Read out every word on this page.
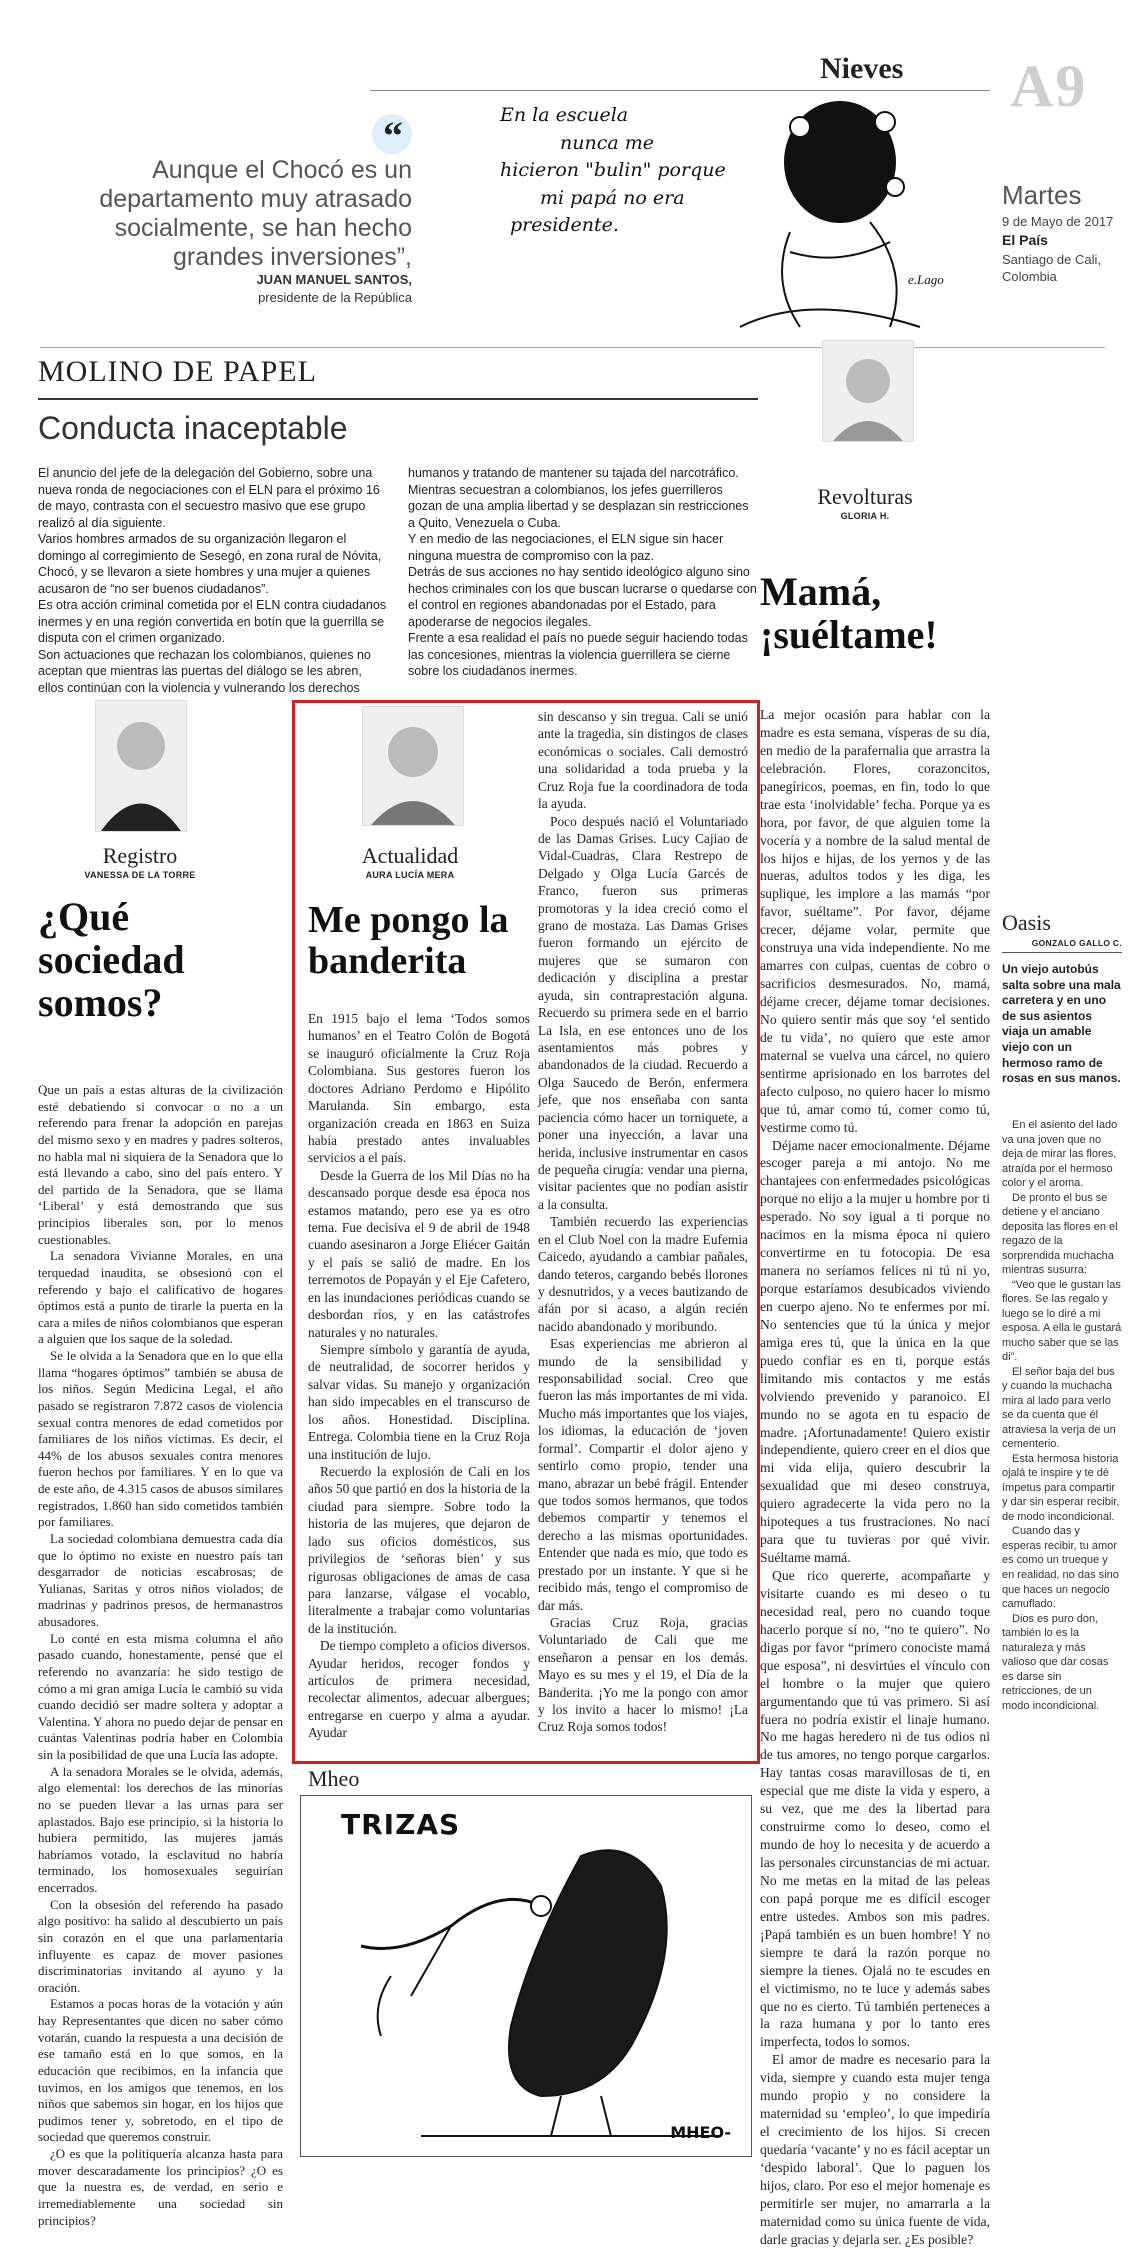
Nieves A9
Martes
9 de Mayo de 2017
El País
Santiago de Cali, Colombia
“
Aunque el Chocó es un departamento muy atrasado socialmente, se han hecho grandes inversiones”,
JUAN MANUEL SANTOS,
presidente de la República
En la escuela
nunca me
hicieron "bulin" porque
mi papá no era
presidente.
e.Lago
MOLINO DE PAPEL
Conducta inaceptable

El anuncio del jefe de la delegación del Gobierno, sobre una nueva ronda de negociaciones con el ELN para el próximo 16 de mayo, contrasta con el secuestro masivo que ese grupo realizó al día siguiente.

Varios hombres armados de su organización llegaron el domingo al corregimiento de Sesegó, en zona rural de Nóvita, Chocó, y se llevaron a siete hombres y una mujer a quienes acusaron de “no ser buenos ciudadanos”.

Es otra acción criminal cometida por el ELN contra ciudadanos inermes y en una región convertida en botín que la guerrilla se disputa con el crimen organizado.

Son actuaciones que rechazan los colombianos, quienes no aceptan que mientras las puertas del diálogo se les abren, ellos continúan con la violencia y vulnerando los derechos

humanos y tratando de mantener su tajada del narcotráfico.

Mientras secuestran a colombianos, los jefes guerrilleros gozan de una amplia libertad y se desplazan sin restricciones a Quito, Venezuela o Cuba.

Y en medio de las negociaciones, el ELN sigue sin hacer ninguna muestra de compromiso con la paz.

Detrás de sus acciones no hay sentido ideológico alguno sino hechos criminales con los que buscan lucrarse o quedarse con el control en regiones abandonadas por el Estado, para apoderarse de negocios ilegales.

Frente a esa realidad el país no puede seguir haciendo todas las concesiones, mientras la violencia guerrillera se cierne sobre los ciudadanos inermes.

Revolturas
GLORIA H.
Mamá, ¡suéltame!

La mejor ocasión para hablar con la madre es esta semana, vísperas de su día, en medio de la parafernalia que arrastra la celebración. Flores, corazoncitos, panegíricos, poemas, en fin, todo lo que trae esta ‘inolvidable’ fecha. Porque ya es hora, por favor, de que alguien tome la vocería y a nombre de la salud mental de los hijos e hijas, de los yernos y de las nueras, adultos todos y les diga, les suplique, les implore a las mamás “por favor, suéltame”. Por favor, déjame crecer, déjame volar, permite que construya una vida independiente. No me amarres con culpas, cuentas de cobro o sacrificios desmesurados. No, mamá, déjame crecer, déjame tomar decisiones. No quiero sentir más que soy ‘el sentido de tu vida’, no quiero que este amor maternal se vuelva una cárcel, no quiero sentirme aprisionado en los barrotes del afecto culposo, no quiero hacer lo mismo que tú, amar como tú, comer como tú, vestirme como tú.

Déjame nacer emocionalmente. Déjame escoger pareja a mi antojo. No me chantajees con enfermedades psicológicas porque no elijo a la mujer u hombre por ti esperado. No soy igual a ti porque no nacimos en la misma época ni quiero convertirme en tu fotocopia. De esa manera no seríamos felices ni tú ni yo, porque estaríamos desubicados viviendo en cuerpo ajeno. No te enfermes por mí. No sentencies que tú la única y mejor amiga eres tú, que la única en la que puedo confiar es en ti, porque estás limitando mis contactos y me estás volviendo prevenido y paranoico. El mundo no se agota en tu espacio de madre. ¡Afortunadamente! Quiero existir independiente, quiero creer en el dios que mi vida elija, quiero descubrir la sexualidad que mi deseo construya, quiero agradecerte la vida pero no la hipoteques a tus frustraciones. No nací para que tu tuvieras por qué vivir. Suéltame mamá.

Que rico quererte, acompañarte y visitarte cuando es mi deseo o tu necesidad real, pero no cuando toque hacerlo porque sí no, “no te quiero”. No digas por favor “primero conociste mamá que esposa”, ni desvirtúes el vínculo con el hombre o la mujer que quiero argumentando que tú vas primero. Si así fuera no podría existir el linaje humano. No me hagas heredero ni de tus odios ni de tus amores, no tengo porque cargarlos. Hay tantas cosas maravillosas de ti, en especial que me diste la vida y espero, a su vez, que me des la libertad para construirme como lo deseo, como el mundo de hoy lo necesita y de acuerdo a las personales circunstancias de mi actuar. No me metas en la mitad de las peleas con papá porque me es difícil escoger entre ustedes. Ambos son mis padres. ¡Papá también es un buen hombre! Y no siempre te dará la razón porque no siempre la tienes. Ojalá no te escudes en el victimismo, no te luce y además sabes que no es cierto. Tú también perteneces a la raza humana y por lo tanto eres imperfecta, todos lo somos.

El amor de madre es necesario para la vida, siempre y cuando esta mujer tenga mundo propio y no considere la maternidad su ‘empleo’, lo que impediría el crecimiento de los hijos. Si crecen quedaría ‘vacante’ y no es fácil aceptar un ‘despido laboral’. Que lo paguen los hijos, claro. Por eso el mejor homenaje es permitirle ser mujer, no amarrarla a la maternidad como su única fuente de vida, darle gracias y dejarla ser. ¿Es posible?

Oasis
GONZALO GALLO C.
Un viejo autobús salta sobre una mala carretera y en uno de sus asientos viaja un amable viejo con un hermoso ramo de rosas en sus manos.

En el asiento del lado va una joven que no deja de mirar las flores, atraída por el hermoso color y el aroma.

De pronto el bus se detiene y el anciano deposita las flores en el regazo de la sorprendida muchacha mientras susurra:

“Veo que le gustan las flores. Se las regalo y luego se lo diré a mi esposa. A ella le gustará mucho saber que se las di”.

El señor baja del bus y cuando la muchacha mira al lado para verlo se da cuenta que él atraviesa la verja de un cementerio.

Esta hermosa historia ojalá te inspire y te dé ímpetus para compartir y dar sin esperar recibir, de modo incondicional.

Cuando das y esperas recibir, tu amor es como un trueque y en realidad, no das sino que haces un negocio camuflado.

Dios es puro don, también lo es la naturaleza y más valioso que dar cosas es darse sin retricciones, de un modo incondicional.

Registro
VANESSA DE LA TORRE
¿Qué sociedad somos?

Que un país a estas alturas de la civilización esté debatiendo si convocar o no a un referendo para frenar la adopción en parejas del mismo sexo y en madres y padres solteros, no habla mal ni siquiera de la Senadora que lo está llevando a cabo, sino del país entero. Y del partido de la Senadora, que se llama ‘Liberal’ y está demostrando que sus principios liberales son, por lo menos cuestionables.

La senadora Vivianne Morales, en una terquedad inaudita, se obsesionó con el referendo y bajo el calificativo de hogares óptimos está a punto de tirarle la puerta en la cara a miles de niños colombianos que esperan a alguien que los saque de la soledad.

Se le olvida a la Senadora que en lo que ella llama “hogares óptimos” también se abusa de los niños. Según Medicina Legal, el año pasado se registraron 7.872 casos de violencia sexual contra menores de edad cometidos por familiares de los niños víctimas. Es decir, el 44% de los abusos sexuales contra menores fueron hechos por familiares. Y en lo que va de este año, de 4.315 casos de abusos similares registrados, 1.860 han sido cometidos también por familiares.

La sociedad colombiana demuestra cada día que lo óptimo no existe en nuestro país tan desgarrador de noticias escabrosas; de Yulianas, Saritas y otros niños violados; de madrinas y padrinos presos, de hermanastros abusadores.

Lo conté en esta misma columna el año pasado cuando, honestamente, pensé que el referendo no avanzaría: he sido testigo de cómo a mi gran amiga Lucía le cambió su vida cuando decidió ser madre soltera y adoptar a Valentina. Y ahora no puedo dejar de pensar en cuántas Valentinas podría haber en Colombia sin la posibilidad de que una Lucía las adopte.

A la senadora Morales se le olvida, además, algo elemental: los derechos de las minorías no se pueden llevar a las urnas para ser aplastados. Bajo ese principio, si la historia lo hubiera permitido, las mujeres jamás habríamos votado, la esclavitud no habría terminado, los homosexuales seguirían encerrados.

Con la obsesión del referendo ha pasado algo positivo: ha salido al descubierto un país sin corazón en el que una parlamentaria influyente es capaz de mover pasiones discriminatorias invitando al ayuno y la oración.

Estamos a pocas horas de la votación y aún hay Representantes que dicen no saber cómo votarán, cuando la respuesta a una decisión de ese tamaño está en lo que somos, en la educación que recibimos, en la infancia que tuvimos, en los amigos que tenemos, en los niños que sabemos sin hogar, en los hijos que pudimos tener y, sobretodo, en el tipo de sociedad que queremos construir.

¿O es que la politiquería alcanza hasta para mover descaradamente los principios? ¿O es que la nuestra es, de verdad, en serio e irremediablemente una sociedad sin principios?

Actualidad
AURA LUCÍA MERA
Me pongo la banderita

En 1915 bajo el lema ‘Todos somos humanos’ en el Teatro Colón de Bogotá se inauguró oficialmente la Cruz Roja Colombiana. Sus gestores fueron los doctores Adriano Perdomo e Hipólito Marulanda. Sin embargo, esta organización creada en 1863 en Suiza había prestado antes invaluables servicios a el país.

Desde la Guerra de los Mil Días no ha descansado porque desde esa época nos estamos matando, pero ese ya es otro tema. Fue decisiva el 9 de abril de 1948 cuando asesinaron a Jorge Eliécer Gaitán y el país se salió de madre. En los terremotos de Popayán y el Eje Cafetero, en las inundaciones periódicas cuando se desbordan ríos, y en las catástrofes naturales y no naturales.

Siempre símbolo y garantía de ayuda, de neutralidad, de socorrer heridos y salvar vidas. Su manejo y organización han sido impecables en el transcurso de los años. Honestidad. Disciplina. Entrega. Colombia tiene en la Cruz Roja una institución de lujo.

Recuerdo la explosión de Cali en los años 50 que partió en dos la historia de la ciudad para siempre. Sobre todo la historia de las mujeres, que dejaron de lado sus oficios domésticos, sus privilegios de ‘señoras bien’ y sus rigurosas obligaciones de amas de casa para lanzarse, válgase el vocablo, literalmente a trabajar como voluntarias de la institución.

De tiempo completo a oficios diversos. Ayudar heridos, recoger fondos y artículos de primera necesidad, recolectar alimentos, adecuar albergues; entregarse en cuerpo y alma a ayudar. Ayudar

sin descanso y sin tregua. Cali se unió ante la tragedia, sin distingos de clases económicas o sociales. Cali demostró una solidaridad a toda prueba y la Cruz Roja fue la coordinadora de toda la ayuda.

Poco después nació el Voluntariado de las Damas Grises. Lucy Cajiao de Vidal-Cuadras, Clara Restrepo de Delgado y Olga Lucía Garcés de Franco, fueron sus primeras promotoras y la idea creció como el grano de mostaza. Las Damas Grises fueron formando un ejército de mujeres que se sumaron con dedicación y disciplina a prestar ayuda, sin contraprestación alguna. Recuerdo su primera sede en el barrio La Isla, en ese entonces uno de los asentamientos más pobres y abandonados de la ciudad. Recuerdo a Olga Saucedo de Berón, enfermera jefe, que nos enseñaba con santa paciencia cómo hacer un torniquete, a poner una inyección, a lavar una herida, inclusive instrumentar en casos de pequeña cirugía: vendar una pierna, visitar pacientes que no podían asistir a la consulta.

También recuerdo las experiencias en el Club Noel con la madre Eufemia Caicedo, ayudando a cambiar pañales, dando teteros, cargando bebés llorones y desnutridos, y a veces bautizando de afán por si acaso, a algún recién nacido abandonado y moribundo.

Esas experiencias me abrieron al mundo de la sensibilidad y responsabilidad social. Creo que fueron las más importantes de mi vida. Mucho más importantes que los viajes, los idiomas, la educación de ‘joven formal’. Compartir el dolor ajeno y sentirlo como propio, tender una mano, abrazar un bebé frágil. Entender que todos somos hermanos, que todos debemos compartir y tenemos el derecho a las mismas oportunidades. Entender que nada es mío, que todo es prestado por un instante. Y que si he recibido más, tengo el compromiso de dar más.

Gracias Cruz Roja, gracias Voluntariado de Cali que me enseñaron a pensar en los demás. Mayo es su mes y el 19, el Día de la Banderita. ¡Yo me la pongo con amor y los invito a hacer lo mismo! ¡La Cruz Roja somos todos!

Mheo
TRIZAS
MHEO-
